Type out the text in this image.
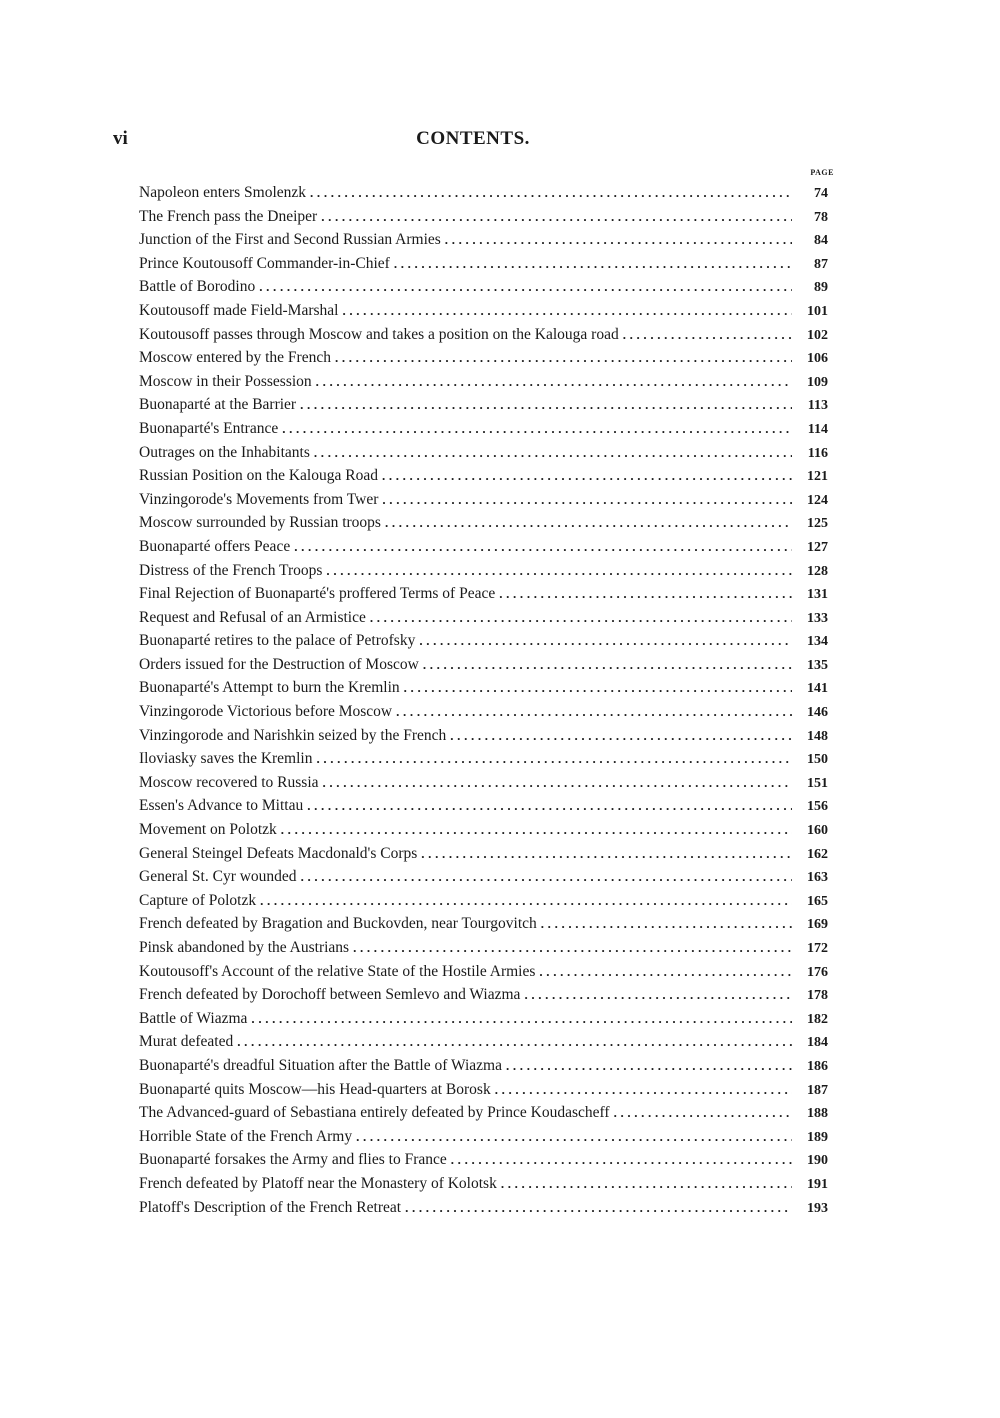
vi	CONTENTS.
PAGE
Napoleon enters Smolenzk . . .	74
The French pass the Dneiper . . .	78
Junction of the First and Second Russian Armies . . .	84
Prince Koutousoff Commander-in-Chief . . .	87
Battle of Borodino . . .	89
Koutousoff made Field-Marshal . . .	101
Koutousoff passes through Moscow and takes a position on the Kalouga road . . .	102
Moscow entered by the French . . .	106
Moscow in their Possession . . .	109
Buonaparté at the Barrier . . .	113
Buonaparté's Entrance . . .	114
Outrages on the Inhabitants . . .	116
Russian Position on the Kalouga Road . . .	121
Vinzingorode's Movements from Twer . . .	124
Moscow surrounded by Russian troops . . .	125
Buonaparté offers Peace . . .	127
Distress of the French Troops . . .	128
Final Rejection of Buonaparté's proffered Terms of Peace . . .	131
Request and Refusal of an Armistice . . .	133
Buonaparté retires to the palace of Petrofsky . . .	134
Orders issued for the Destruction of Moscow . . .	135
Buonaparté's Attempt to burn the Kremlin . . .	141
Vinzingorode Victorious before Moscow . . .	146
Vinzingorode and Narishkin seized by the French . . .	148
Iloviasky saves the Kremlin . . .	150
Moscow recovered to Russia . . .	151
Essen's Advance to Mittau . . .	156
Movement on Polotzk . . .	160
General Steingel Defeats Macdonald's Corps . . .	162
General St. Cyr wounded . . .	163
Capture of Polotzk . . .	165
French defeated by Bragation and Buckovden, near Tourgovitch . . .	169
Pinsk abandoned by the Austrians . . .	172
Koutousoff's Account of the relative State of the Hostile Armies . . .	176
French defeated by Dorochoff between Semlevo and Wiazma . . .	178
Battle of Wiazma . . .	182
Murat defeated . . .	184
Buonaparté's dreadful Situation after the Battle of Wiazma . . .	186
Buonaparté quits Moscow—his Head-quarters at Borosk . . .	187
The Advanced-guard of Sebastiana entirely defeated by Prince Koudascheff . . .	188
Horrible State of the French Army . . .	189
Buonaparté forsakes the Army and flies to France . . .	190
French defeated by Platoff near the Monastery of Kolotsk . . .	191
Platoff's Description of the French Retreat . . .	193
